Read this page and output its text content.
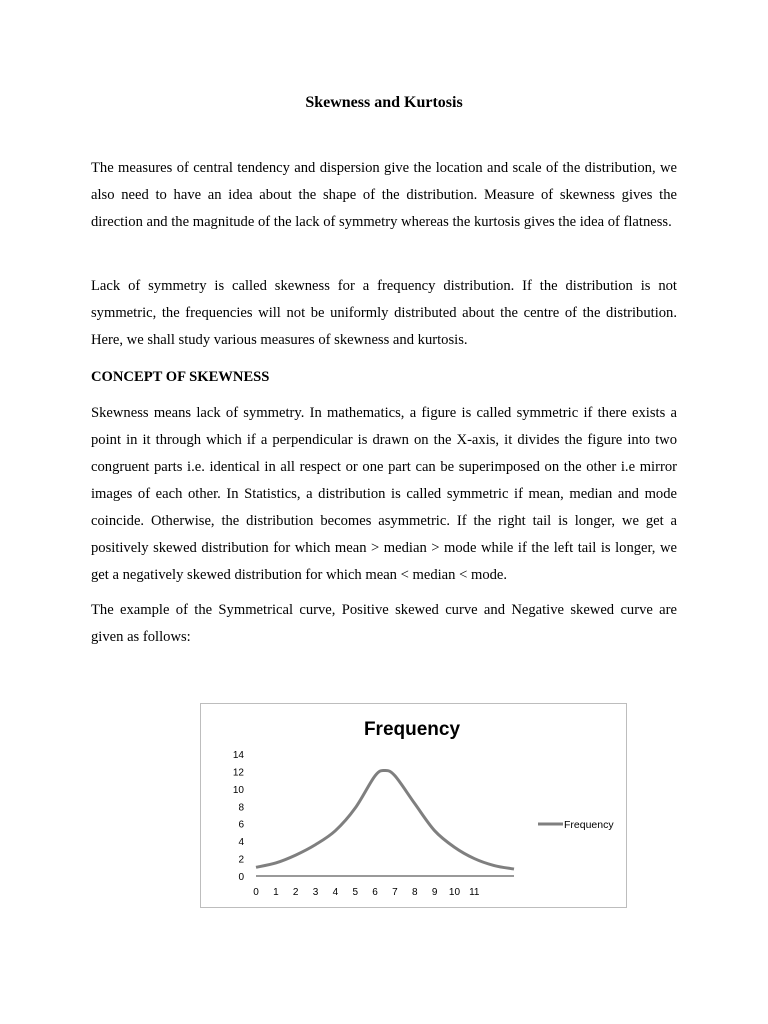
Skewness and Kurtosis

The measures of central tendency and dispersion give the location and scale of the distribution, we also need to have an idea about the shape of the distribution. Measure of skewness gives the direction and the magnitude of the lack of symmetry whereas the kurtosis gives the idea of flatness.

Lack of symmetry is called skewness for a frequency distribution. If the distribution is not symmetric, the frequencies will not be uniformly distributed about the centre of the distribution. Here, we shall study various measures of skewness and kurtosis.

CONCEPT OF SKEWNESS

Skewness means lack of symmetry. In mathematics, a figure is called symmetric if there exists a point in it through which if a perpendicular is drawn on the X-axis, it divides the figure into two congruent parts i.e. identical in all respect or one part can be superimposed on the other i.e mirror images of each other. In Statistics, a distribution is called symmetric if mean, median and mode coincide. Otherwise, the distribution becomes asymmetric. If the right tail is longer, we get a positively skewed distribution for which mean > median > mode while if the left tail is longer, we get a negatively skewed distribution for which mean < median < mode.

The example of the Symmetrical curve, Positive skewed curve and Negative skewed curve are given as follows:

Frequency
0
2
4
6
8
10
12
14
0 1 2 3 4 5 6 7 8 9 10 11
Frequency
